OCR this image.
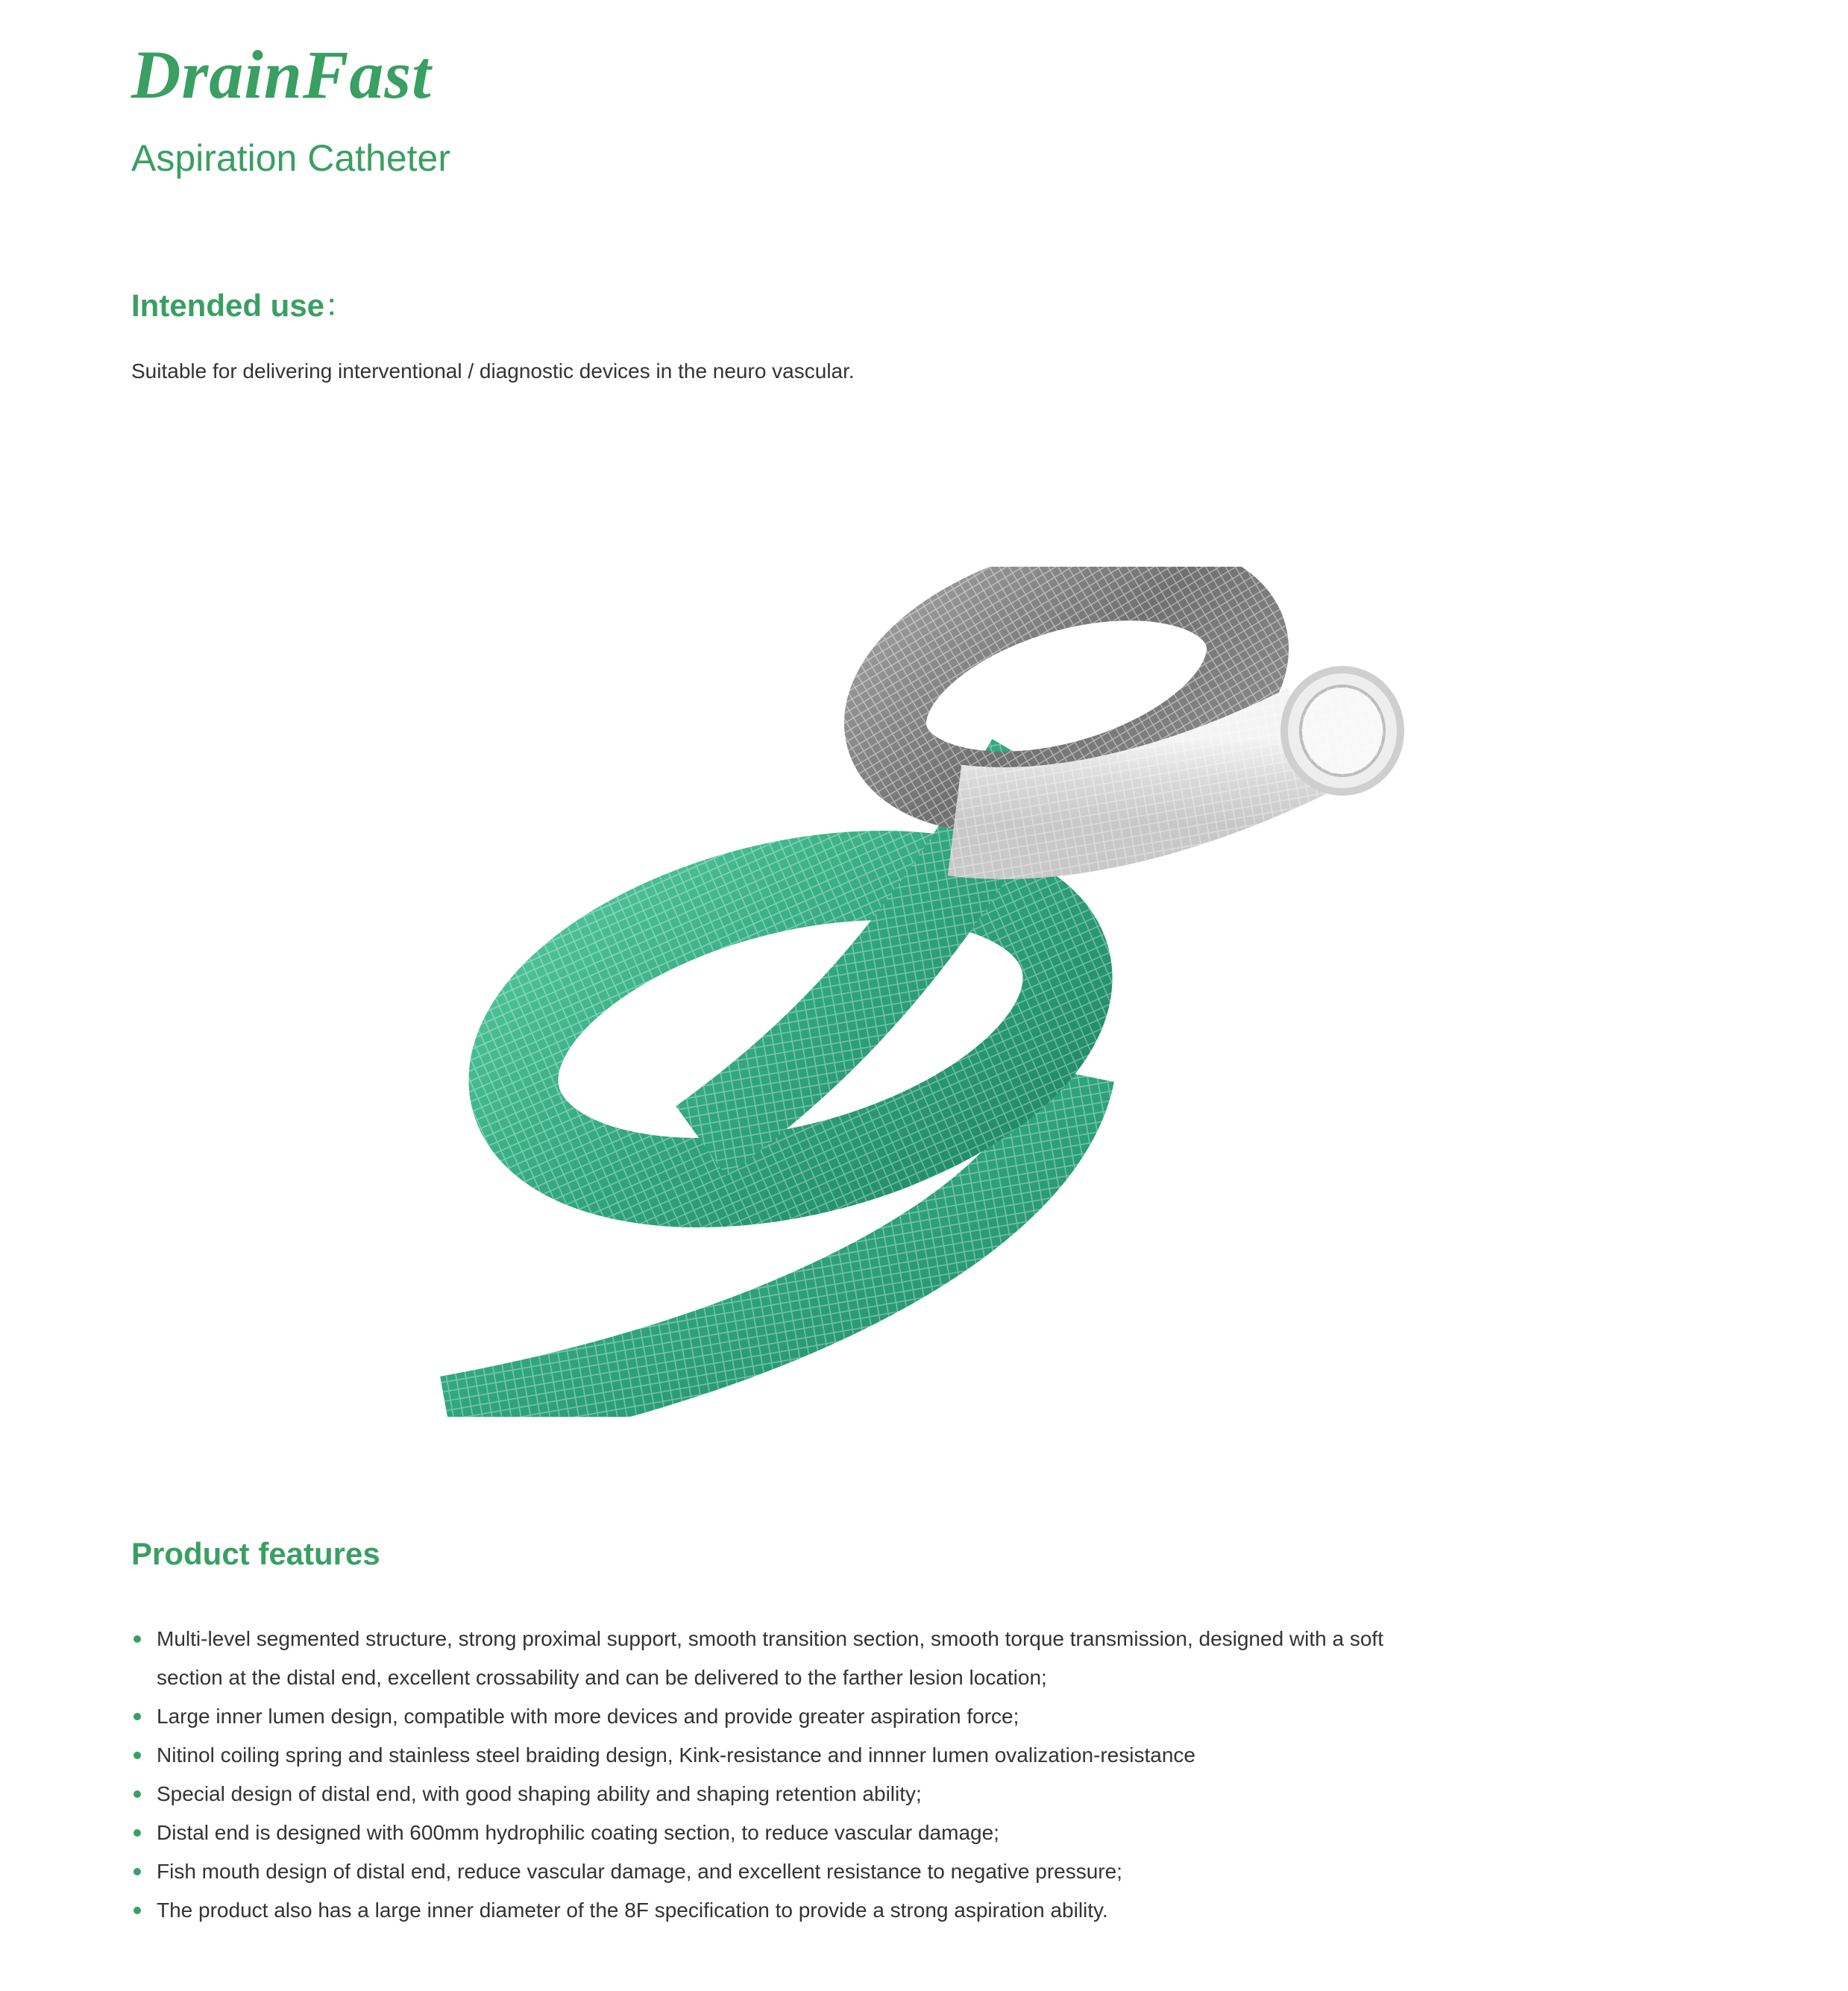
DrainFast
Aspiration Catheter
Intended use：

Suitable for delivering interventional / diagnostic devices in the neuro vascular.

Product features
Multi-level segmented structure, strong proximal support, smooth transition section, smooth torque transmission, designed with a soft section at the distal end, excellent crossability and can be delivered to the farther lesion location;
Large inner lumen design, compatible with more devices and provide greater aspiration force;
Nitinol coiling spring and stainless steel braiding design, Kink-resistance and innner lumen ovalization-resistance
Special design of distal end, with good shaping ability and shaping retention ability;
Distal end is designed with 600mm hydrophilic coating section, to reduce vascular damage;
Fish mouth design of distal end, reduce vascular damage, and excellent resistance to negative pressure;
The product also has a large inner diameter of the 8F specification to provide a strong aspiration ability.
